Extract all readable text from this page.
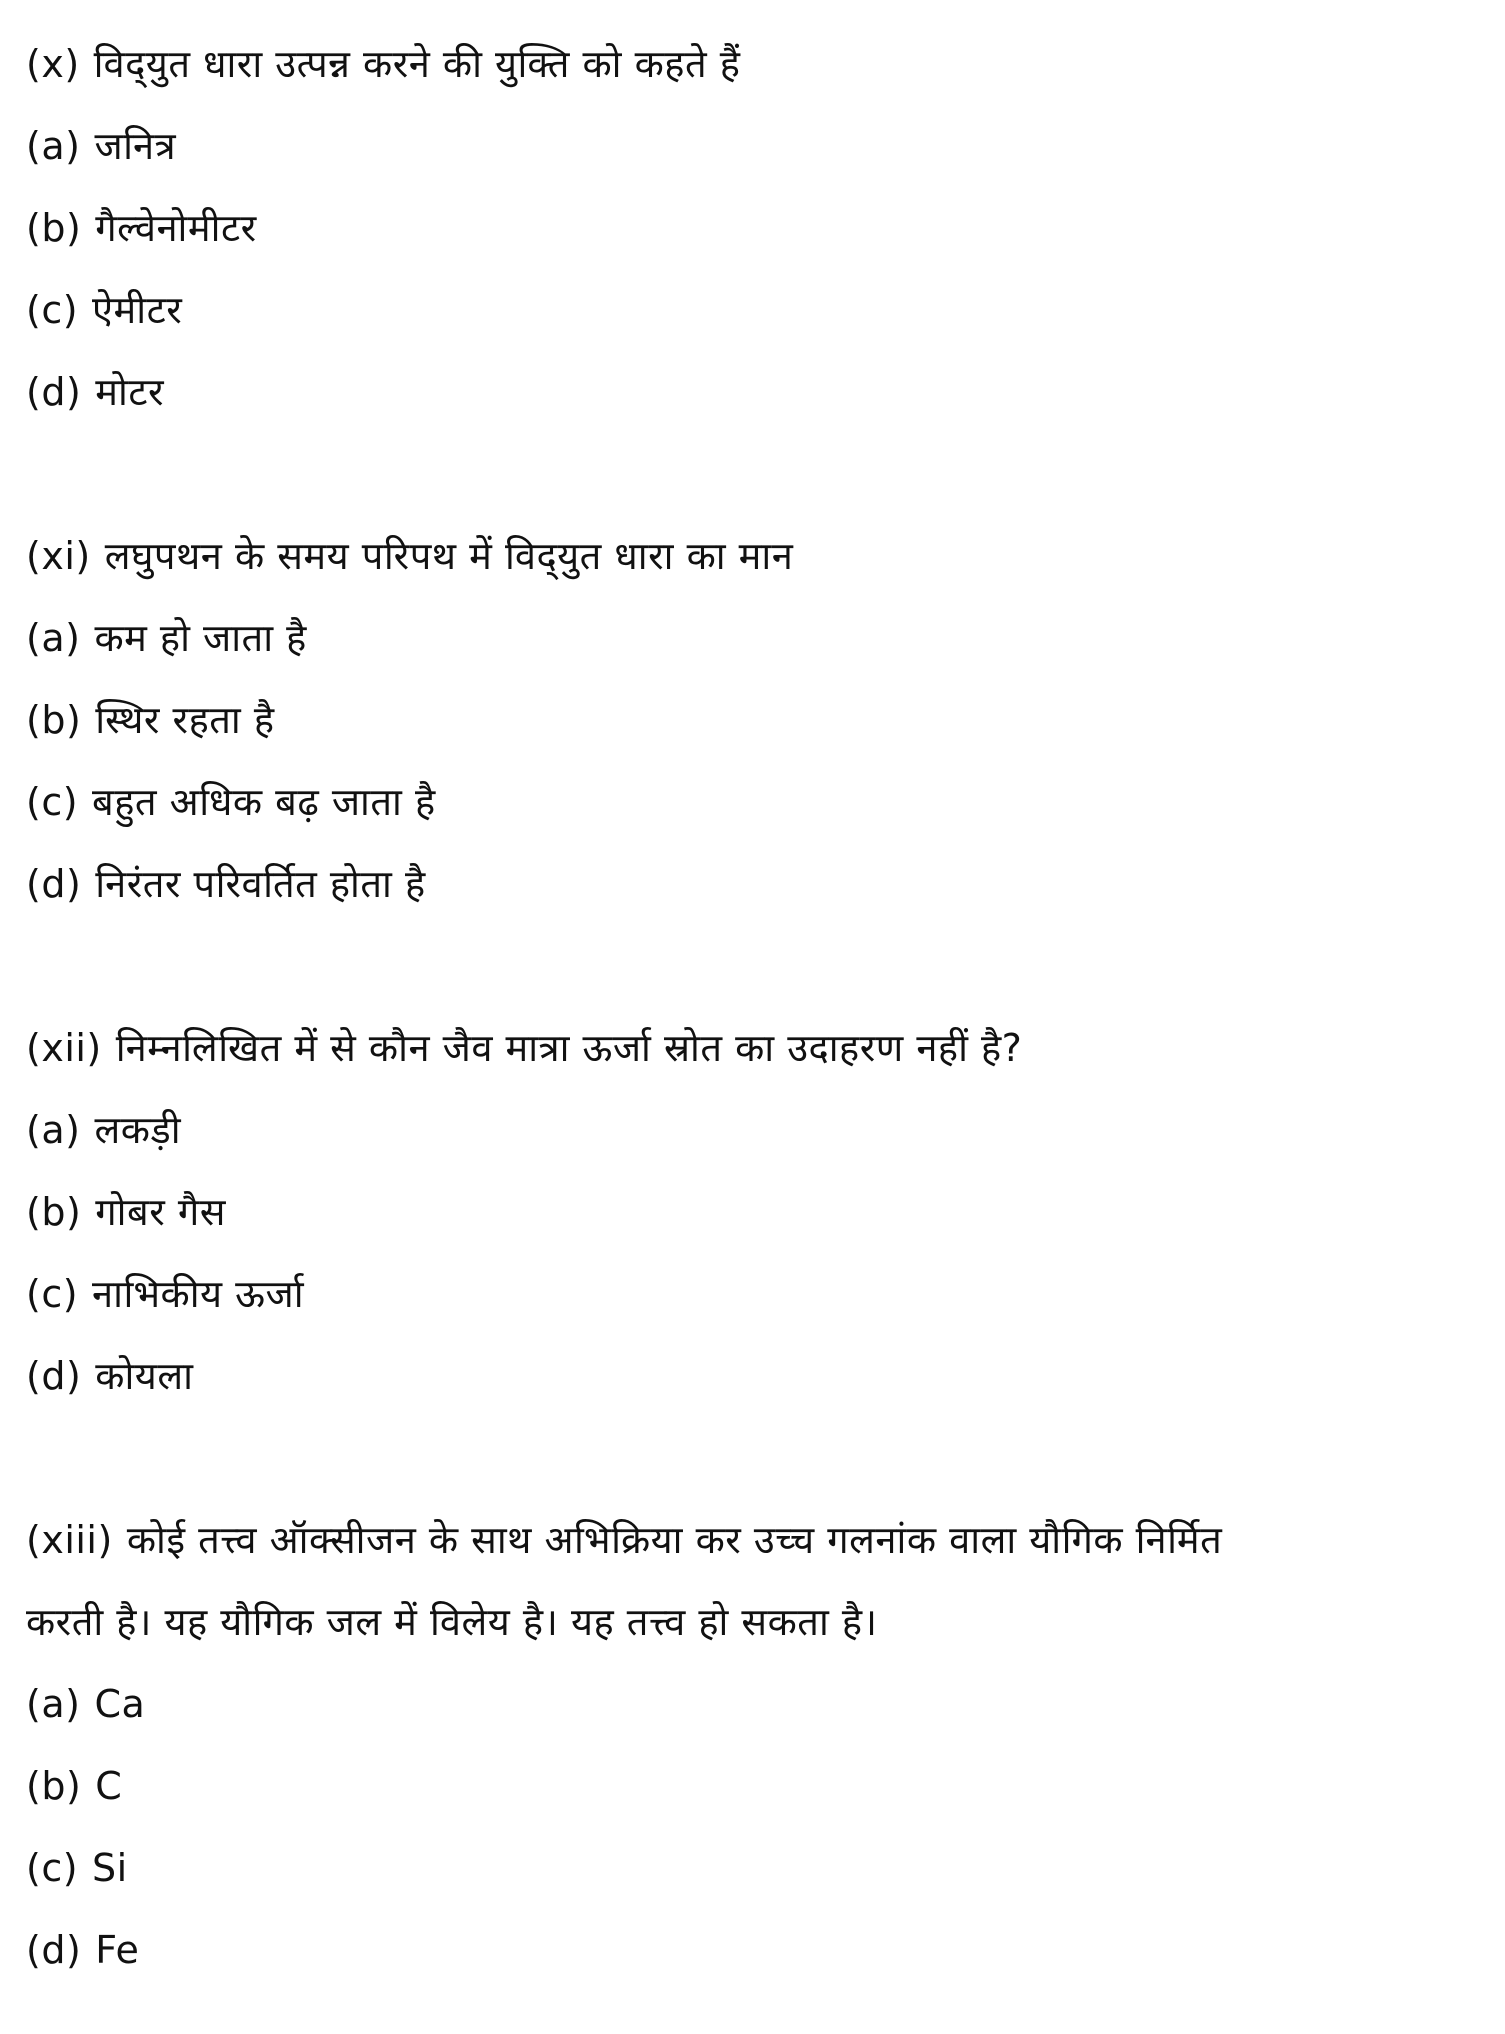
(x) विद्‌युत धारा उत्पन्न करने की युक्ति को कहते हैं
(a) जनित्र
(b) गैल्वेनोमीटर
(c) ऐमीटर
(d) मोटर
(xi) लघुपथन के समय परिपथ में विद्‌युत धारा का मान
(a) कम हो जाता है
(b) स्थिर रहता है
(c) बहुत अधिक बढ़ जाता है
(d) निरंतर परिवर्तित होता है
(xii) निम्नलिखित में से कौन जैव मात्रा ऊर्जा स्रोत का उदाहरण नहीं है?
(a) लकड़ी
(b) गोबर गैस
(c) नाभिकीय ऊर्जा
(d) कोयला
(xiii) कोई तत्त्व ऑक्सीजन के साथ अभिक्रिया कर उच्च गलनांक वाला यौगिक निर्मित
करती है। यह यौगिक जल में विलेय है। यह तत्त्व हो सकता है।
(a) Ca
(b) C
(c) Si
(d) Fe
